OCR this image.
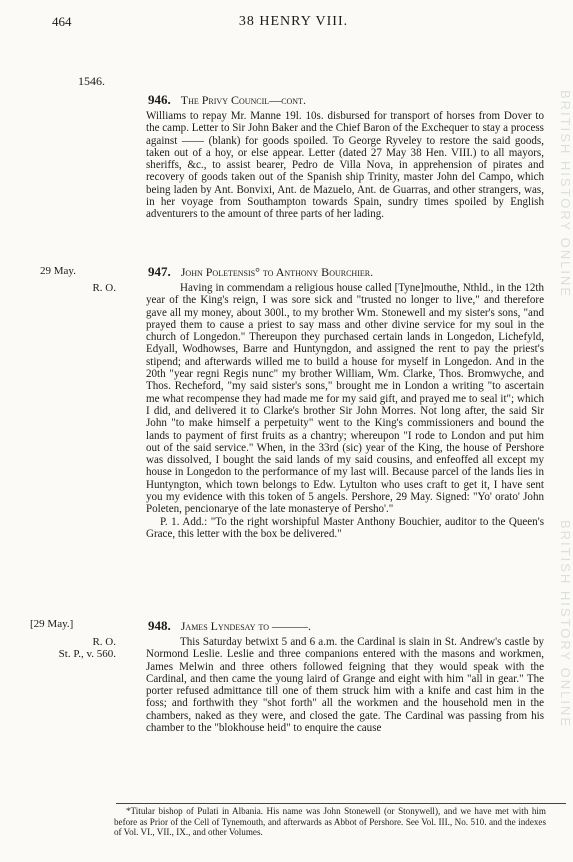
464	38 HENRY VIII.
1546.
946. The Privy Council—cont.

Williams to repay Mr. Manne 19l. 10s. disbursed for transport of horses from Dover to the camp. Letter to Sir John Baker and the Chief Baron of the Exchequer to stay a process against —— (blank) for goods spoiled. To George Ryveley to restore the said goods, taken out of a hoy, or else appear. Letter (dated 27 May 38 Hen. VIII.) to all mayors, sheriffs, &c., to assist bearer, Pedro de Villa Nova, in apprehension of pirates and recovery of goods taken out of the Spanish ship Trinity, master John del Campo, which being laden by Ant. Bonvixi, Ant. de Mazuelo, Ant. de Guarras, and other strangers, was, in her voyage from Southampton towards Spain, sundry times spoiled by English adventurers to the amount of three parts of her lading.

29 May.
R. O.
947. John Poletensis° to Anthony Bourchier.

Having in commendam a religious house called [Tyne]mouthe, Nthld., in the 12th year of the King's reign, I was sore sick and "trusted no longer to live," and therefore gave all my money, about 300l., to my brother Wm. Stonewell and my sister's sons, "and prayed them to cause a priest to say mass and other divine service for my soul in the church of Longedon." Thereupon they purchased certain lands in Longedon, Lichefyld, Edyall, Wodhowses, Barre and Huntyngdon, and assigned the rent to pay the priest's stipend; and afterwards willed me to build a house for myself in Longedon. And in the 20th "year regni Regis nunc" my brother William, Wm. Clarke, Thos. Bromwyche, and Thos. Recheford, "my said sister's sons," brought me in London a writing "to ascertain me what recompense they had made me for my said gift, and prayed me to seal it"; which I did, and delivered it to Clarke's brother Sir John Morres. Not long after, the said Sir John "to make himself a perpetuity" went to the King's commissioners and bound the lands to payment of first fruits as a chantry; whereupon "I rode to London and put him out of the said service." When, in the 33rd (sic) year of the King, the house of Pershore was dissolved, I bought the said lands of my said cousins, and enfeoffed all except my house in Longedon to the performance of my last will. Because parcel of the lands lies in Huntyngton, which town belongs to Edw. Lytulton who uses craft to get it, I have sent you my evidence with this token of 5 angels. Pershore, 29 May. Signed: "Yo' orato' John Poleten, pencionarye of the late monasterye of Persho'."

P. 1. Add.: "To the right worshipful Master Anthony Bouchier, auditor to the Queen's Grace, this letter with the box be delivered."

[29 May.]
R. O.
St. P., v. 560.
948. James Lyndesay to ———.

This Saturday betwixt 5 and 6 a.m. the Cardinal is slain in St. Andrew's castle by Normond Leslie. Leslie and three companions entered with the masons and workmen, James Melwin and three others followed feigning that they would speak with the Cardinal, and then came the young laird of Grange and eight with him "all in gear." The porter refused admittance till one of them struck him with a knife and cast him in the foss; and forthwith they "shot forth" all the workmen and the household men in the chambers, naked as they were, and closed the gate. The Cardinal was passing from his chamber to the "blokhouse heid" to enquire the cause

*Titular bishop of Pulati in Albania. His name was John Stonewell (or Stonywell), and we have met with him before as Prior of the Cell of Tynemouth, and afterwards as Abbot of Pershore. See Vol. III., No. 510. and the indexes of Vol. VI., VII., IX., and other Volumes.

BRITISH HISTORY ONLINE
BRITISH HISTORY ONLINE
